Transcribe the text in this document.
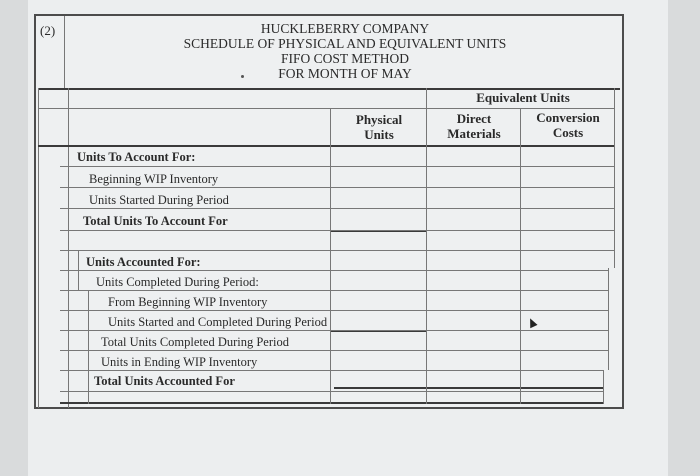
(2)	HUCKLEBERRY COMPANY
SCHEDULE OF PHYSICAL AND EQUIVALENT UNITS
FIFO COST METHOD
FOR MONTH OF MAY
Equivalent Units
Physical
Units
Direct
Materials
Conversion
Costs
Units To Account For:
Beginning WIP Inventory
Units Started During Period
Total Units To Account For
Units Accounted For:
Units Completed During Period:
From Beginning WIP Inventory
Units Started and Completed During Period
Total Units Completed During Period
Units in Ending WIP Inventory
Total Units Accounted For
